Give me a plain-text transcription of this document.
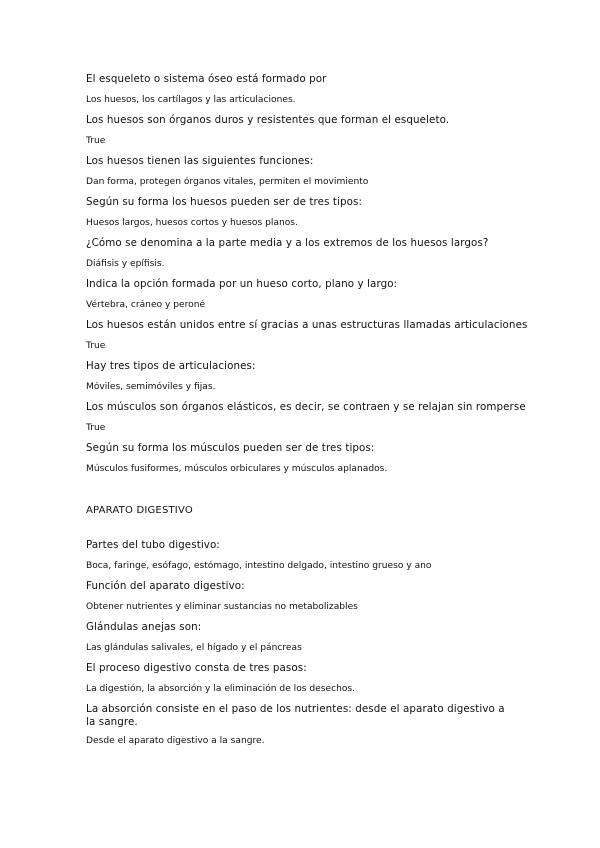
El esqueleto o sistema óseo está formado por

Los huesos, los cartílagos y las articulaciones.

Los huesos son órganos duros y resistentes que forman el esqueleto.

True

Los huesos tienen las siguientes funciones:

Dan forma, protegen órganos vitales, permiten el movimiento

Según su forma los huesos pueden ser de tres tipos:

Huesos largos, huesos cortos y huesos planos.

¿Cómo se denomina a la parte media y a los extremos de los huesos largos?

Diáfisis y epífisis.

Indica la opción formada por un hueso corto, plano y largo:

Vértebra, cráneo y peroné

Los huesos están unidos entre sí gracias a unas estructuras llamadas articulaciones

True

Hay tres tipos de articulaciones:

Móviles, semimóviles y fijas.

Los músculos son órganos elásticos, es decir, se contraen y se relajan sin romperse

True

Según su forma los músculos pueden ser de tres tipos:

Músculos fusiformes, músculos orbiculares y músculos aplanados.

APARATO DIGESTIVO

Partes del tubo digestivo:

Boca, faringe, esófago, estómago, intestino delgado, intestino grueso y ano

Función del aparato digestivo:

Obtener nutrientes y eliminar sustancias no metabolizables

Glándulas anejas son:

Las glándulas salivales, el hígado y el páncreas

El proceso digestivo consta de tres pasos:

La digestión, la absorción y la eliminación de los desechos.

La absorción consiste en el paso de los nutrientes: desde el aparato digestivo a la sangre.

Desde el aparato digestivo a la sangre.
